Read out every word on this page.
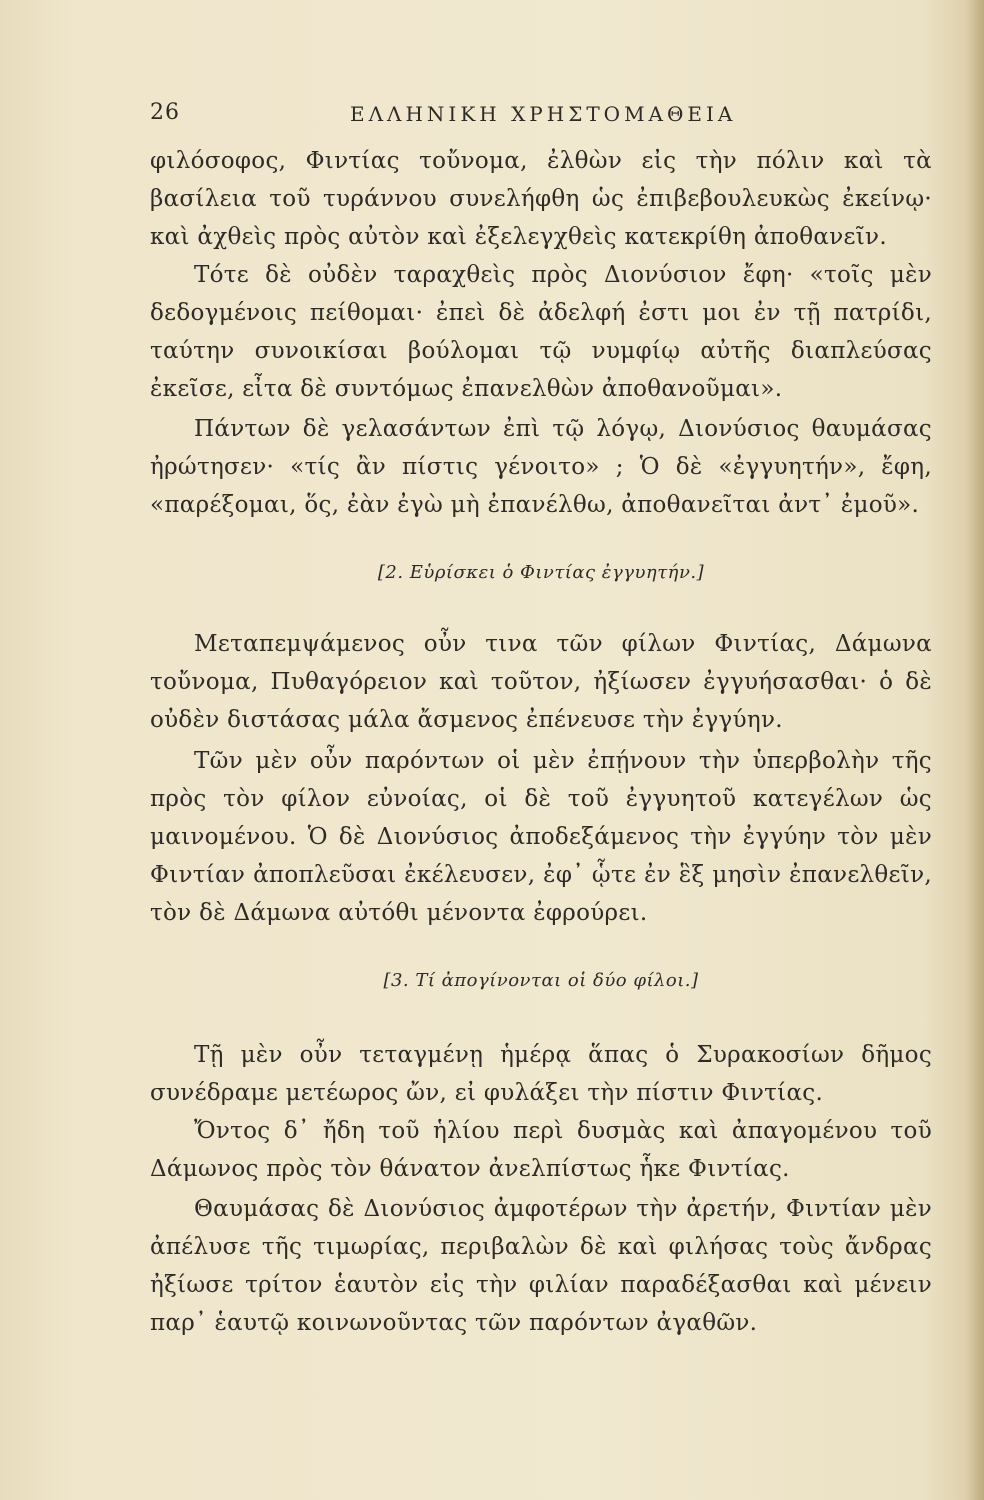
26	ΕΛΛΗΝΙΚΗ ΧΡΗΣΤΟΜΑΘΕΙΑ

φιλόσοφος, Φιντίας τοὔνομα, ἐλθὼν εἰς τὴν πόλιν καὶ τὰ βασίλεια τοῦ τυράννου συνελήφθη ὡς ἐπιβεβουλευκὼς ἐκείνῳ· καὶ ἀχθεὶς πρὸς αὐτὸν καὶ ἐξελεγχθεὶς κατεκρίθη ἀποθανεῖν.

Τότε δὲ οὐδὲν ταραχθεὶς πρὸς Διονύσιον ἔφη· «τοῖς μὲν δεδογμένοις πείθομαι· ἐπεὶ δὲ ἀδελφή ἐστι μοι ἐν τῇ πατρίδι, ταύτην συνοικίσαι βούλομαι τῷ νυμφίῳ αὐτῆς διαπλεύσας ἐκεῖσε, εἶτα δὲ συντόμως ἐπανελθὼν ἀποθανοῦμαι».

Πάντων δὲ γελασάντων ἐπὶ τῷ λόγῳ, Διονύσιος θαυμάσας ἠρώτησεν· «τίς ἂν πίστις γένοιτο» ; Ὁ δὲ «ἐγγυητήν», ἔφη, «παρέξομαι, ὅς, ἐὰν ἐγὼ μὴ ἐπανέλθω, ἀποθανεῖται ἀντ᾽ ἐμοῦ».

[2. Εὑρίσκει ὁ Φιντίας ἐγγυητήν.]

Μεταπεμψάμενος οὖν τινα τῶν φίλων Φιντίας, Δάμωνα τοὔνομα, Πυθαγόρειον καὶ τοῦτον, ἠξίωσεν ἐγγυήσασθαι· ὁ δὲ οὐδὲν διστάσας μάλα ἄσμενος ἐπένευσε τὴν ἐγγύην.

Τῶν μὲν οὖν παρόντων οἱ μὲν ἐπῄνουν τὴν ὑπερβολὴν τῆς πρὸς τὸν φίλον εὐνοίας, οἱ δὲ τοῦ ἐγγυητοῦ κατεγέλων ὡς μαινομένου. Ὁ δὲ Διονύσιος ἀποδεξάμενος τὴν ἐγγύην τὸν μὲν Φιντίαν ἀποπλεῦσαι ἐκέλευσεν, ἐφ᾽ ᾧτε ἐν ἓξ μησὶν ἐπανελθεῖν, τὸν δὲ Δάμωνα αὐτόθι μένοντα ἐφρούρει.

[3. Τί ἀπογίνονται οἱ δύο φίλοι.]

Τῇ μὲν οὖν τεταγμένῃ ἡμέρᾳ ἅπας ὁ Συρακοσίων δῆμος συνέδραμε μετέωρος ὤν, εἰ φυλάξει τὴν πίστιν Φιντίας.

Ὄντος δ᾽ ἤδη τοῦ ἡλίου περὶ δυσμὰς καὶ ἀπαγομένου τοῦ Δάμωνος πρὸς τὸν θάνατον ἀνελπίστως ἧκε Φιντίας.

Θαυμάσας δὲ Διονύσιος ἀμφοτέρων τὴν ἀρετήν, Φιντίαν μὲν ἀπέλυσε τῆς τιμωρίας, περιβαλὼν δὲ καὶ φιλήσας τοὺς ἄνδρας ἠξίωσε τρίτον ἑαυτὸν εἰς τὴν φιλίαν παραδέξασθαι καὶ μένειν παρ᾽ ἑαυτῷ κοινωνοῦντας τῶν παρόντων ἀγαθῶν.
